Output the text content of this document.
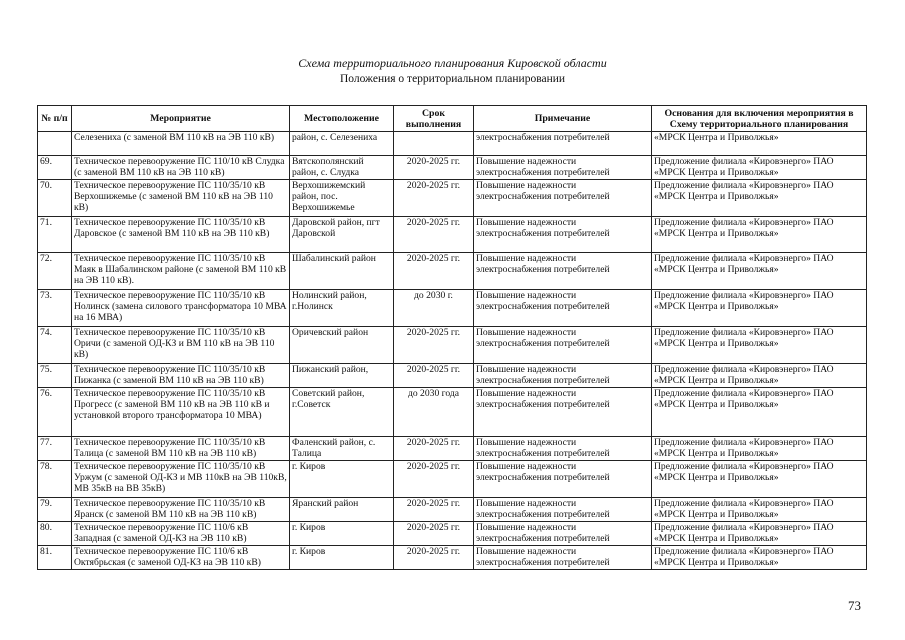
Схема территориального планирования Кировской области
Положения о территориальном планировании
№ п/п	Мероприятие	Местоположение	Срок выполнения	Примечание	Основания для включения мероприятия в Схему территориального планирования
	Селезениха (с заменой ВМ 110 кВ на ЭВ 110 кВ)	район, с. Селезениха		электроснабжения потребителей	«МРСК Центра и Приволжья»
69.	Техническое перевооружение ПС 110/10 кВ Слудка (с заменой ВМ 110 кВ на ЭВ 110 кВ)	Вятскополянский район, с. Слудка	2020-2025 гг.	Повышение надежности электроснабжения потребителей	Предложение филиала «Кировэнерго» ПАО «МРСК Центра и Приволжья»
70.	Техническое перевооружение ПС 110/35/10 кВ Верхошижемье (с заменой ВМ 110 кВ на ЭВ 110 кВ)	Верхошижемский район, пос. Верхошижемье	2020-2025 гг.	Повышение надежности электроснабжения потребителей	Предложение филиала «Кировэнерго» ПАО «МРСК Центра и Приволжья»
71.	Техническое перевооружение ПС 110/35/10 кВ Даровское (с заменой ВМ 110 кВ на ЭВ 110 кВ)	Даровской район, пгт Даровской	2020-2025 гг.	Повышение надежности электроснабжения потребителей	Предложение филиала «Кировэнерго» ПАО «МРСК Центра и Приволжья»
72.	Техническое перевооружение ПС 110/35/10 кВ Маяк в Шабалинском районе (с заменой ВМ 110 кВ на ЭВ 110 кВ).	Шабалинский район	2020-2025 гг.	Повышение надежности электроснабжения потребителей	Предложение филиала «Кировэнерго» ПАО «МРСК Центра и Приволжья»
73.	Техническое перевооружение ПС 110/35/10 кВ Нолинск (замена силового трансформатора 10 МВА на 16 МВА)	Нолинский район, г.Нолинск	до 2030 г.	Повышение надежности электроснабжения потребителей	Предложение филиала «Кировэнерго» ПАО «МРСК Центра и Приволжья»
74.	Техническое перевооружение ПС 110/35/10 кВ Оричи (с заменой ОД-КЗ и ВМ 110 кВ на ЭВ 110 кВ)	Оричевский район	2020-2025 гг.	Повышение надежности электроснабжения потребителей	Предложение филиала «Кировэнерго» ПАО «МРСК Центра и Приволжья»
75.	Техническое перевооружение ПС 110/35/10 кВ Пижанка (с заменой ВМ 110 кВ на ЭВ 110 кВ)	Пижанский район,	2020-2025 гг.	Повышение надежности электроснабжения потребителей	Предложение филиала «Кировэнерго» ПАО «МРСК Центра и Приволжья»
76.	Техническое перевооружение ПС 110/35/10 кВ Прогресс (с заменой ВМ 110 кВ на ЭВ 110 кВ и установкой второго трансформатора 10 МВА)	Советский район, г.Советск	до 2030 года	Повышение надежности электроснабжения потребителей	Предложение филиала «Кировэнерго» ПАО «МРСК Центра и Приволжья»
77.	Техническое перевооружение ПС 110/35/10 кВ Талица (с заменой ВМ 110 кВ на ЭВ 110 кВ)	Фаленский район, с. Талица	2020-2025 гг.	Повышение надежности электроснабжения потребителей	Предложение филиала «Кировэнерго» ПАО «МРСК Центра и Приволжья»
78.	Техническое перевооружение ПС 110/35/10 кВ Уржум (с заменой ОД-КЗ и МВ 110кВ на ЭВ 110кВ, МВ 35кВ на ВВ 35кВ)	г. Киров	2020-2025 гг.	Повышение надежности электроснабжения потребителей	Предложение филиала «Кировэнерго» ПАО «МРСК Центра и Приволжья»
79.	Техническое перевооружение ПС 110/35/10 кВ Яранск (с заменой ВМ 110 кВ на ЭВ 110 кВ)	Яранский район	2020-2025 гг.	Повышение надежности электроснабжения потребителей	Предложение филиала «Кировэнерго» ПАО «МРСК Центра и Приволжья»
80.	Техническое перевооружение ПС 110/6 кВ Западная (с заменой ОД-КЗ на ЭВ 110 кВ)	г. Киров	2020-2025 гг.	Повышение надежности электроснабжения потребителей	Предложение филиала «Кировэнерго» ПАО «МРСК Центра и Приволжья»
81.	Техническое перевооружение ПС 110/6 кВ Октябрьская (с заменой ОД-КЗ на ЭВ 110 кВ)	г. Киров	2020-2025 гг.	Повышение надежности электроснабжения потребителей	Предложение филиала «Кировэнерго» ПАО «МРСК Центра и Приволжья»
73
